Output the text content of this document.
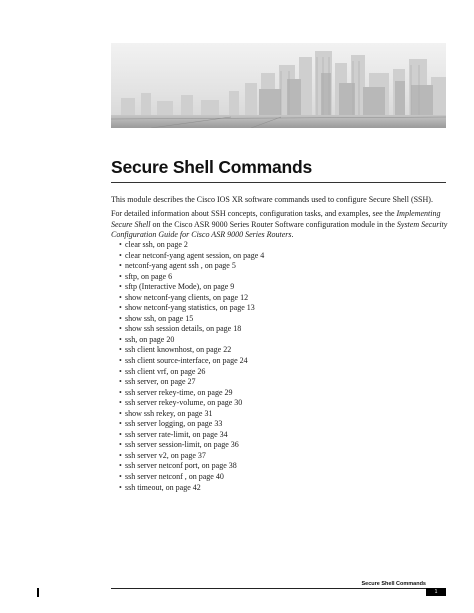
Secure Shell Commands

This module describes the Cisco IOS XR software commands used to configure Secure Shell (SSH).

For detailed information about SSH concepts, configuration tasks, and examples, see the Implementing Secure Shell on the Cisco ASR 9000 Series Router Software configuration module in the System Security Configuration Guide for Cisco ASR 9000 Series Routers.

• clear ssh, on page 2
• clear netconf-yang agent session, on page 4
• netconf-yang agent ssh , on page 5
• sftp, on page 6
• sftp (Interactive Mode), on page 9
• show netconf-yang clients, on page 12
• show netconf-yang statistics, on page 13
• show ssh, on page 15
• show ssh session details, on page 18
• ssh, on page 20
• ssh client knownhost, on page 22
• ssh client source-interface, on page 24
• ssh client vrf, on page 26
• ssh server, on page 27
• ssh server rekey-time, on page 29
• ssh server rekey-volume, on page 30
• show ssh rekey, on page 31
• ssh server logging, on page 33
• ssh server rate-limit, on page 34
• ssh server session-limit, on page 36
• ssh server v2, on page 37
• ssh server netconf port, on page 38
• ssh server netconf , on page 40
• ssh timeout, on page 42
Secure Shell Commands
1
